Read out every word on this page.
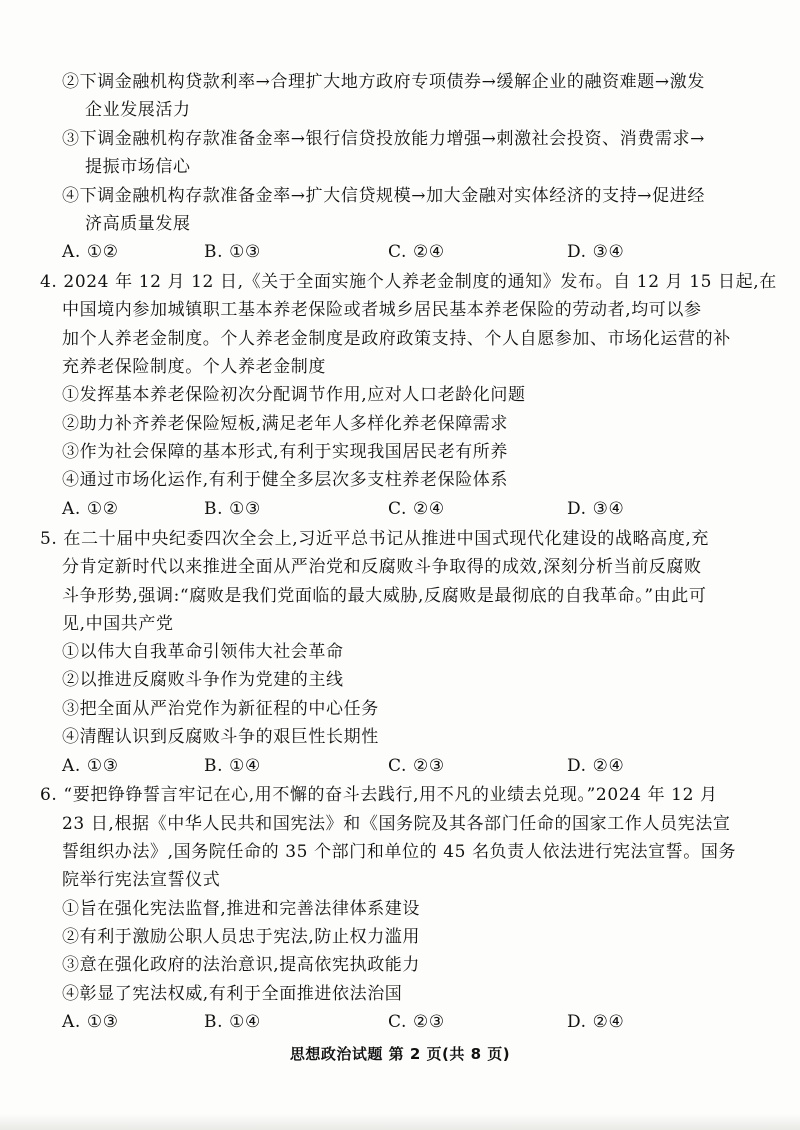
②下调金融机构贷款利率→合理扩大地方政府专项债券→缓解企业的融资难题→激发
企业发展活力
③下调金融机构存款准备金率→银行信贷投放能力增强→刺激社会投资、消费需求→
提振市场信心
④下调金融机构存款准备金率→扩大信贷规模→加大金融对实体经济的支持→促进经
济高质量发展
A. ①②	B. ①③	C. ②④	D. ③④
4. 2024 年 12 月 12 日,《关于全面实施个人养老金制度的通知》发布。自 12 月 15 日起,在
中国境内参加城镇职工基本养老保险或者城乡居民基本养老保险的劳动者,均可以参
加个人养老金制度。个人养老金制度是政府政策支持、个人自愿参加、市场化运营的补
充养老保险制度。个人养老金制度
①发挥基本养老保险初次分配调节作用,应对人口老龄化问题
②助力补齐养老保险短板,满足老年人多样化养老保障需求
③作为社会保障的基本形式,有利于实现我国居民老有所养
④通过市场化运作,有利于健全多层次多支柱养老保险体系
A. ①②	B. ①③	C. ②④	D. ③④
5. 在二十届中央纪委四次全会上,习近平总书记从推进中国式现代化建设的战略高度,充
分肯定新时代以来推进全面从严治党和反腐败斗争取得的成效,深刻分析当前反腐败
斗争形势,强调:“腐败是我们党面临的最大威胁,反腐败是最彻底的自我革命。”由此可
见,中国共产党
①以伟大自我革命引领伟大社会革命
②以推进反腐败斗争作为党建的主线
③把全面从严治党作为新征程的中心任务
④清醒认识到反腐败斗争的艰巨性长期性
A. ①③	B. ①④	C. ②③	D. ②④
6. “要把铮铮誓言牢记在心,用不懈的奋斗去践行,用不凡的业绩去兑现。”2024 年 12 月
23 日,根据《中华人民共和国宪法》和《国务院及其各部门任命的国家工作人员宪法宣
誓组织办法》,国务院任命的 35 个部门和单位的 45 名负责人依法进行宪法宣誓。国务
院举行宪法宣誓仪式
①旨在强化宪法监督,推进和完善法律体系建设
②有利于激励公职人员忠于宪法,防止权力滥用
③意在强化政府的法治意识,提高依宪执政能力
④彰显了宪法权威,有利于全面推进依法治国
A. ①③	B. ①④	C. ②③	D. ②④
思想政治试题 第 2 页(共 8 页)
